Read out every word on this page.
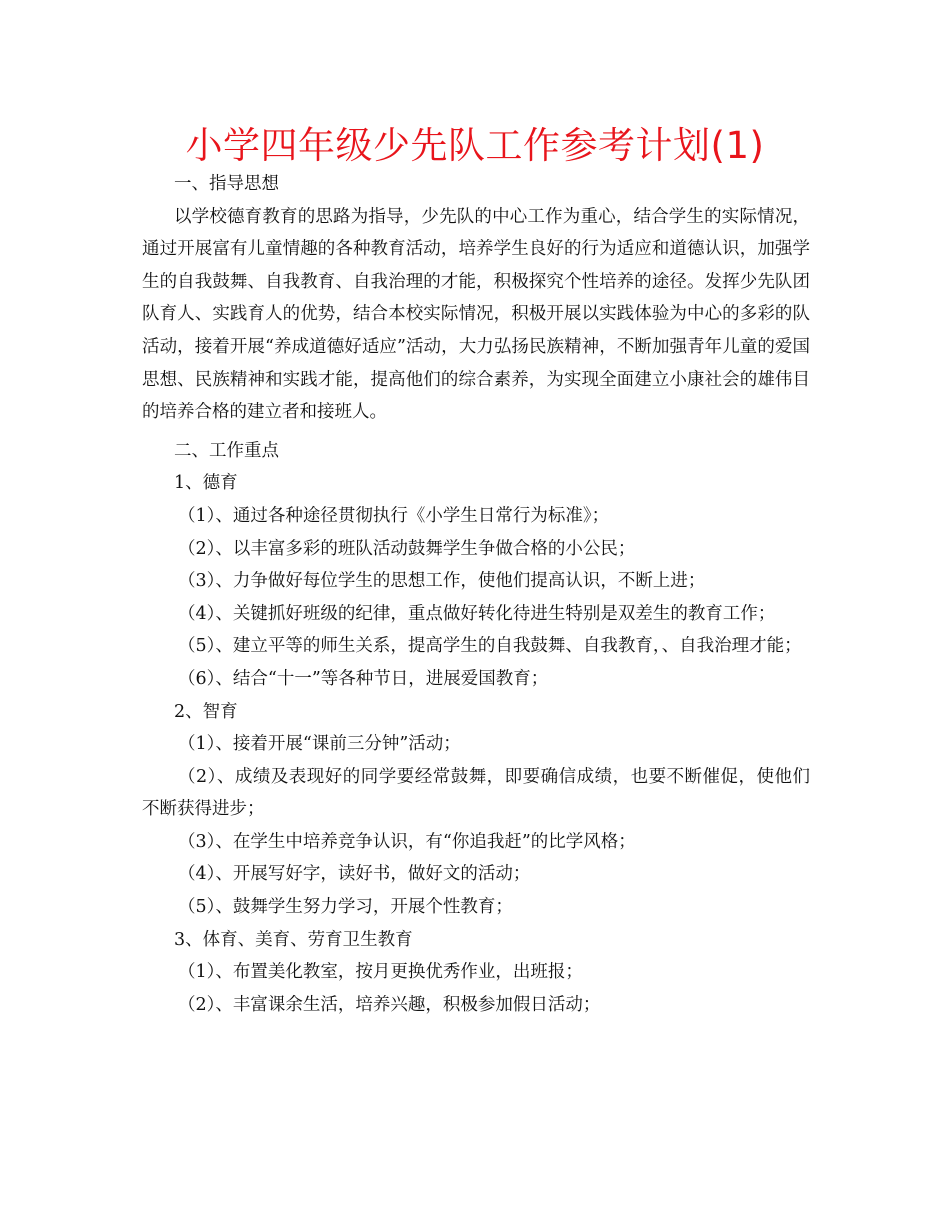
小学四年级少先队工作参考计划(1)

一、指导思想

以学校德育教育的思路为指导，少先队的中心工作为重心，结合学生的实际情况，通过开展富有儿童情趣的各种教育活动，培养学生良好的行为适应和道德认识，加强学生的自我鼓舞、自我教育、自我治理的才能，积极探究个性培养的途径。发挥少先队团队育人、实践育人的优势，结合本校实际情况，积极开展以实践体验为中心的多彩的队活动，接着开展“养成道德好适应”活动，大力弘扬民族精神，不断加强青年儿童的爱国思想、民族精神和实践才能，提高他们的综合素养，为实现全面建立小康社会的雄伟目的培养合格的建立者和接班人。

二、工作重点

1、德育

（1）、通过各种途径贯彻执行《小学生日常行为标准》；

（2）、以丰富多彩的班队活动鼓舞学生争做合格的小公民；

（3）、力争做好每位学生的思想工作，使他们提高认识，不断上进；

（4）、关键抓好班级的纪律，重点做好转化待进生特别是双差生的教育工作；

（5）、建立平等的师生关系，提高学生的自我鼓舞、自我教育，、自我治理才能；

（6）、结合“十一”等各种节日，进展爱国教育；

2、智育

（1）、接着开展“课前三分钟”活动；

（2）、成绩及表现好的同学要经常鼓舞，即要确信成绩，也要不断催促，使他们不断获得进步；

（3）、在学生中培养竞争认识，有“你追我赶”的比学风格；

（4）、开展写好字，读好书，做好文的活动；

（5）、鼓舞学生努力学习，开展个性教育；

3、体育、美育、劳育卫生教育

（1）、布置美化教室，按月更换优秀作业，出班报；

（2）、丰富课余生活，培养兴趣，积极参加假日活动；
